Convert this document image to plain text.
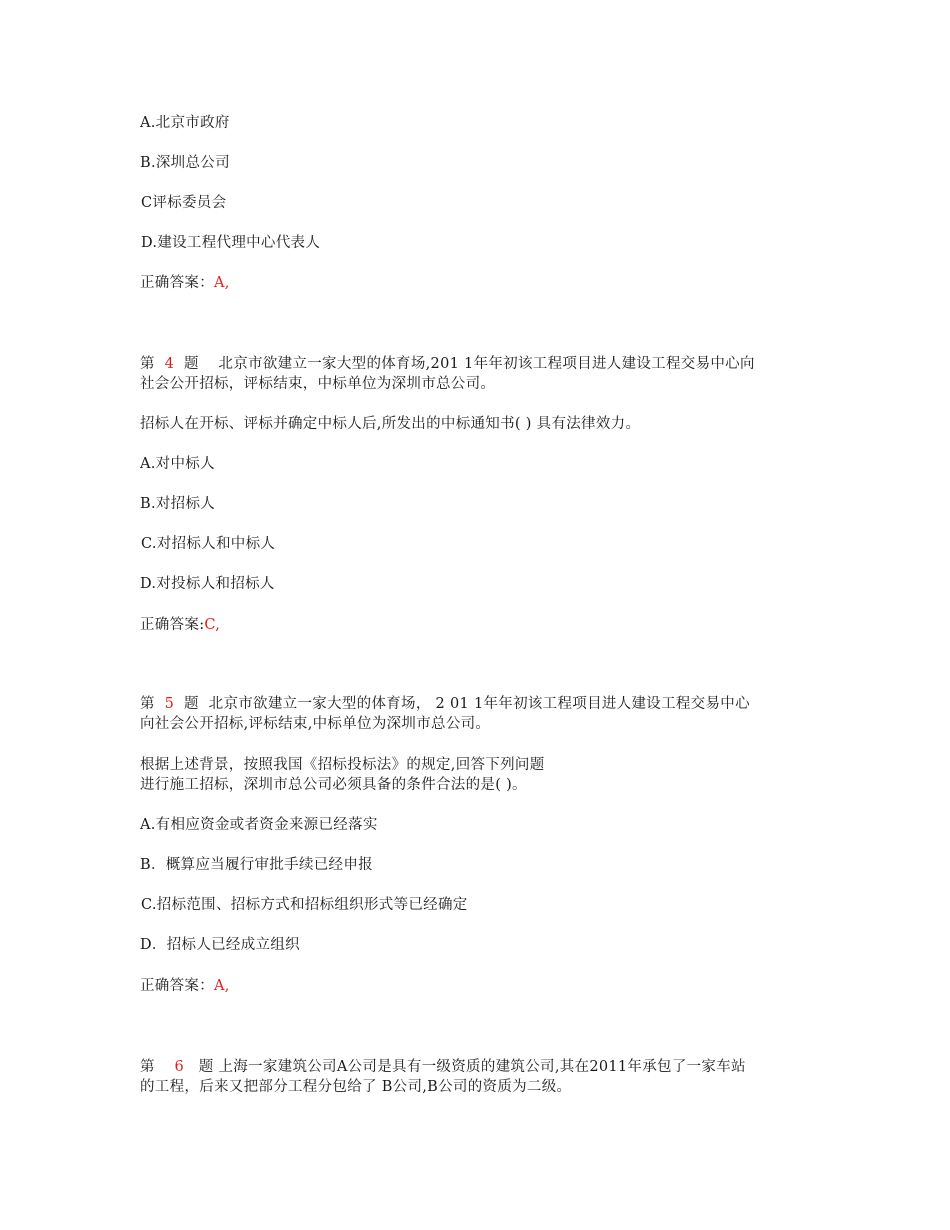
A.北京市政府
B.深圳总公司
C评标委员会
D.建设工程代理中心代表人
正确答案：A,
第 4 题 北京市欲建立一家大型的体育场,201 1年年初该工程项目进人建设工程交易中心向
社会公开招标，评标结束，中标单位为深圳市总公司。
招标人在开标、评标并确定中标人后,所发出的中标通知书( ) 具有法律效力。
A.对中标人
B.对招标人
C.对招标人和中标人
D.对投标人和招标人
正确答案:C,
第 5 题 北京市欲建立一家大型的体育场， 2 01 1年年初该工程项目进人建设工程交易中心
向社会公开招标,评标结束,中标单位为深圳市总公司。
根据上述背景，按照我国《招标投标法》的规定,回答下列问题
进行施工招标，深圳市总公司必须具备的条件合法的是( )。
A.有相应资金或者资金来源已经落实
B．概算应当履行审批手续已经申报
C.招标范围、招标方式和招标组织形式等已经确定
D．招标人已经成立组织
正确答案：A,
第 6 题 上海一家建筑公司A公司是具有一级资质的建筑公司,其在2011年承包了一家车站
的工程，后来又把部分工程分包给了 B公司,B公司的资质为二级。
